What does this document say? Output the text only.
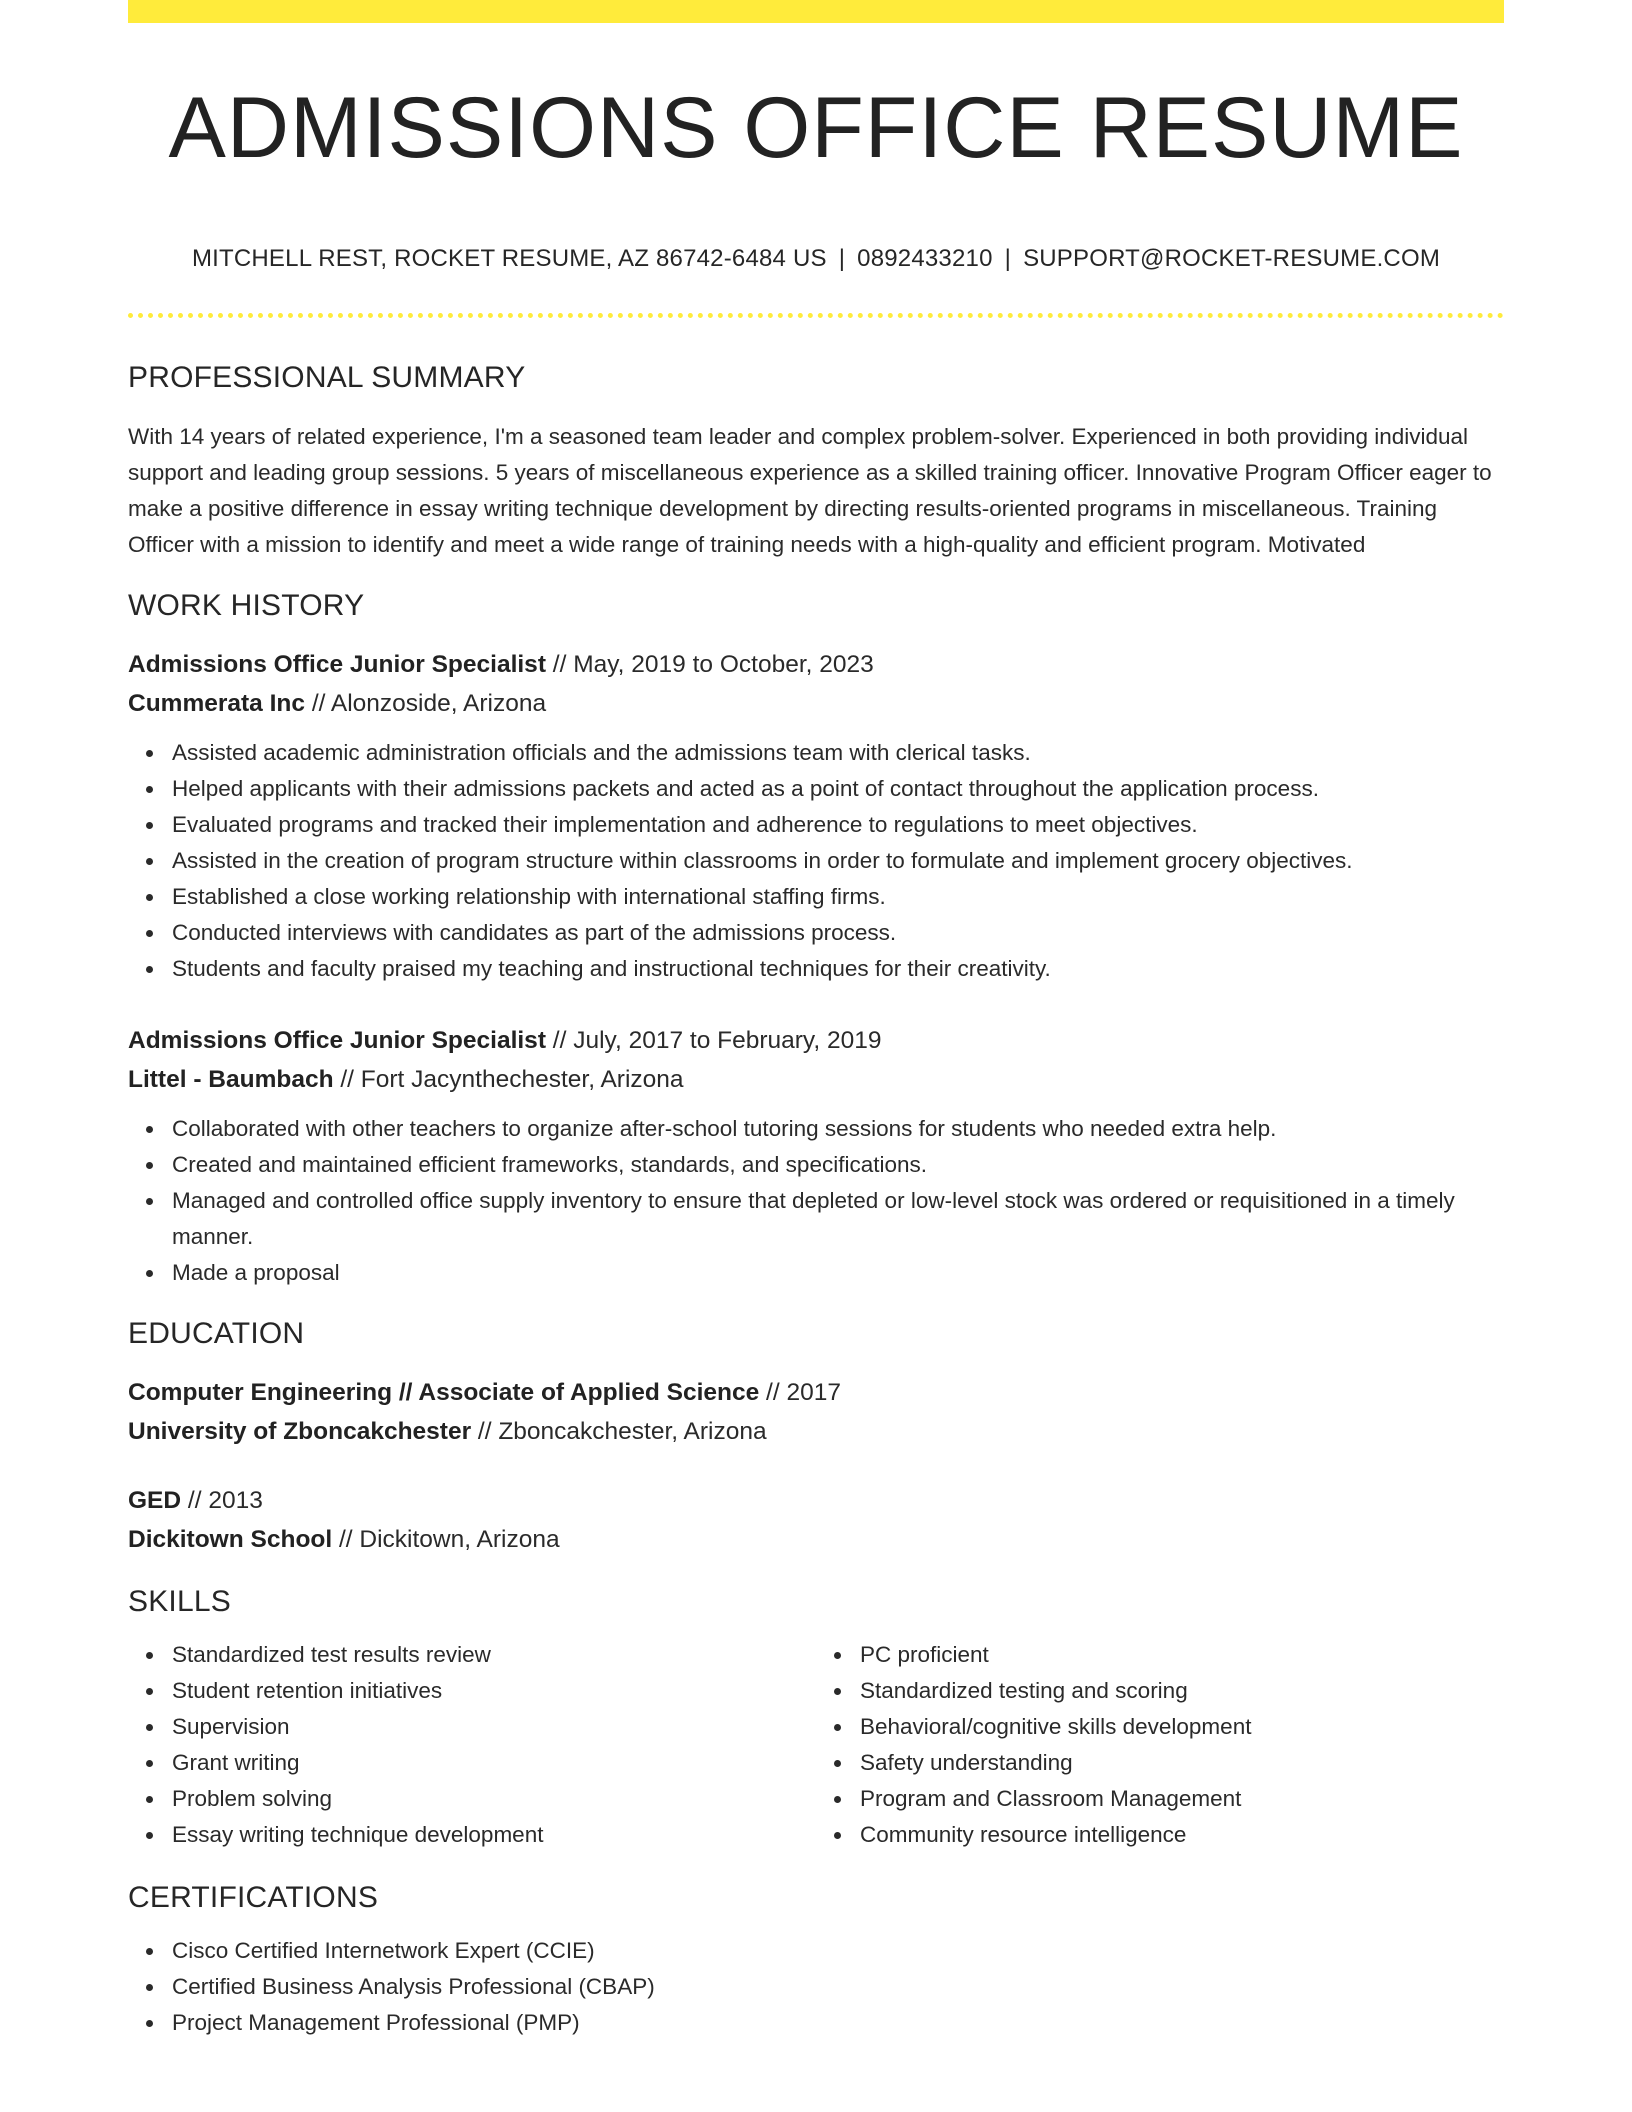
ADMISSIONS OFFICE RESUME
MITCHELL REST, ROCKET RESUME, AZ 86742-6484 US | 0892433210 | SUPPORT@ROCKET-RESUME.COM
PROFESSIONAL SUMMARY
With 14 years of related experience, I'm a seasoned team leader and complex problem-solver. Experienced in both providing individual support and leading group sessions. 5 years of miscellaneous experience as a skilled training officer. Innovative Program Officer eager to make a positive difference in essay writing technique development by directing results-oriented programs in miscellaneous. Training Officer with a mission to identify and meet a wide range of training needs with a high-quality and efficient program. Motivated
WORK HISTORY
Admissions Office Junior Specialist // May, 2019 to October, 2023
Cummerata Inc // Alonzoside, Arizona
Assisted academic administration officials and the admissions team with clerical tasks.
Helped applicants with their admissions packets and acted as a point of contact throughout the application process.
Evaluated programs and tracked their implementation and adherence to regulations to meet objectives.
Assisted in the creation of program structure within classrooms in order to formulate and implement grocery objectives.
Established a close working relationship with international staffing firms.
Conducted interviews with candidates as part of the admissions process.
Students and faculty praised my teaching and instructional techniques for their creativity.
Admissions Office Junior Specialist // July, 2017 to February, 2019
Littel - Baumbach // Fort Jacynthechester, Arizona
Collaborated with other teachers to organize after-school tutoring sessions for students who needed extra help.
Created and maintained efficient frameworks, standards, and specifications.
Managed and controlled office supply inventory to ensure that depleted or low-level stock was ordered or requisitioned in a timely manner.
Made a proposal
EDUCATION
Computer Engineering // Associate of Applied Science // 2017
University of Zboncakchester // Zboncakchester, Arizona
GED // 2013
Dickitown School // Dickitown, Arizona
SKILLS
Standardized test results review
Student retention initiatives
Supervision
Grant writing
Problem solving
Essay writing technique development
PC proficient
Standardized testing and scoring
Behavioral/cognitive skills development
Safety understanding
Program and Classroom Management
Community resource intelligence
CERTIFICATIONS
Cisco Certified Internetwork Expert (CCIE)
Certified Business Analysis Professional (CBAP)
Project Management Professional (PMP)
